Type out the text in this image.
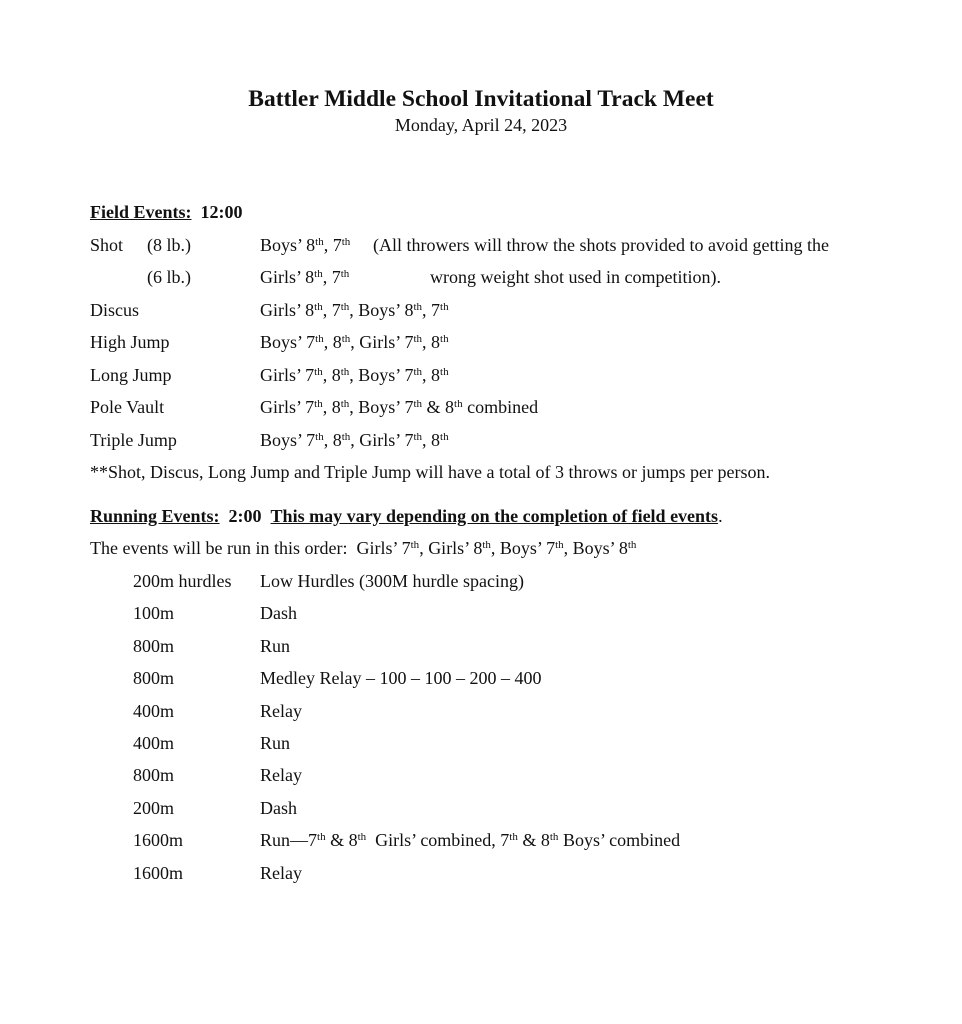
Battler Middle School Invitational Track Meet
Monday, April 24, 2023
Field Events: 12:00
Shot (8 lb.)	Boys’ 8th, 7th (All throwers will throw the shots provided to avoid getting the
(6 lb.)	Girls’ 8th, 7th	wrong weight shot used in competition).
Discus	Girls’ 8th, 7th, Boys’ 8th, 7th
High Jump	Boys’ 7th, 8th, Girls’ 7th, 8th
Long Jump	Girls’ 7th, 8th, Boys’ 7th, 8th
Pole Vault	Girls’ 7th, 8th, Boys’ 7th & 8th combined
Triple Jump	Boys’ 7th, 8th, Girls’ 7th, 8th
**Shot, Discus, Long Jump and Triple Jump will have a total of 3 throws or jumps per person.
Running Events: 2:00 This may vary depending on the completion of field events.
The events will be run in this order:  Girls’ 7th, Girls’ 8th, Boys’ 7th, Boys’ 8th
200m hurdles Low Hurdles (300M hurdle spacing)
100m	Dash
800m	Run
800m	Medley Relay – 100 – 100 – 200 – 400
400m	Relay
400m	Run
800m	Relay
200m	Dash
1600m	Run—7th & 8th  Girls’ combined, 7th & 8th Boys’ combined
1600m	Relay
